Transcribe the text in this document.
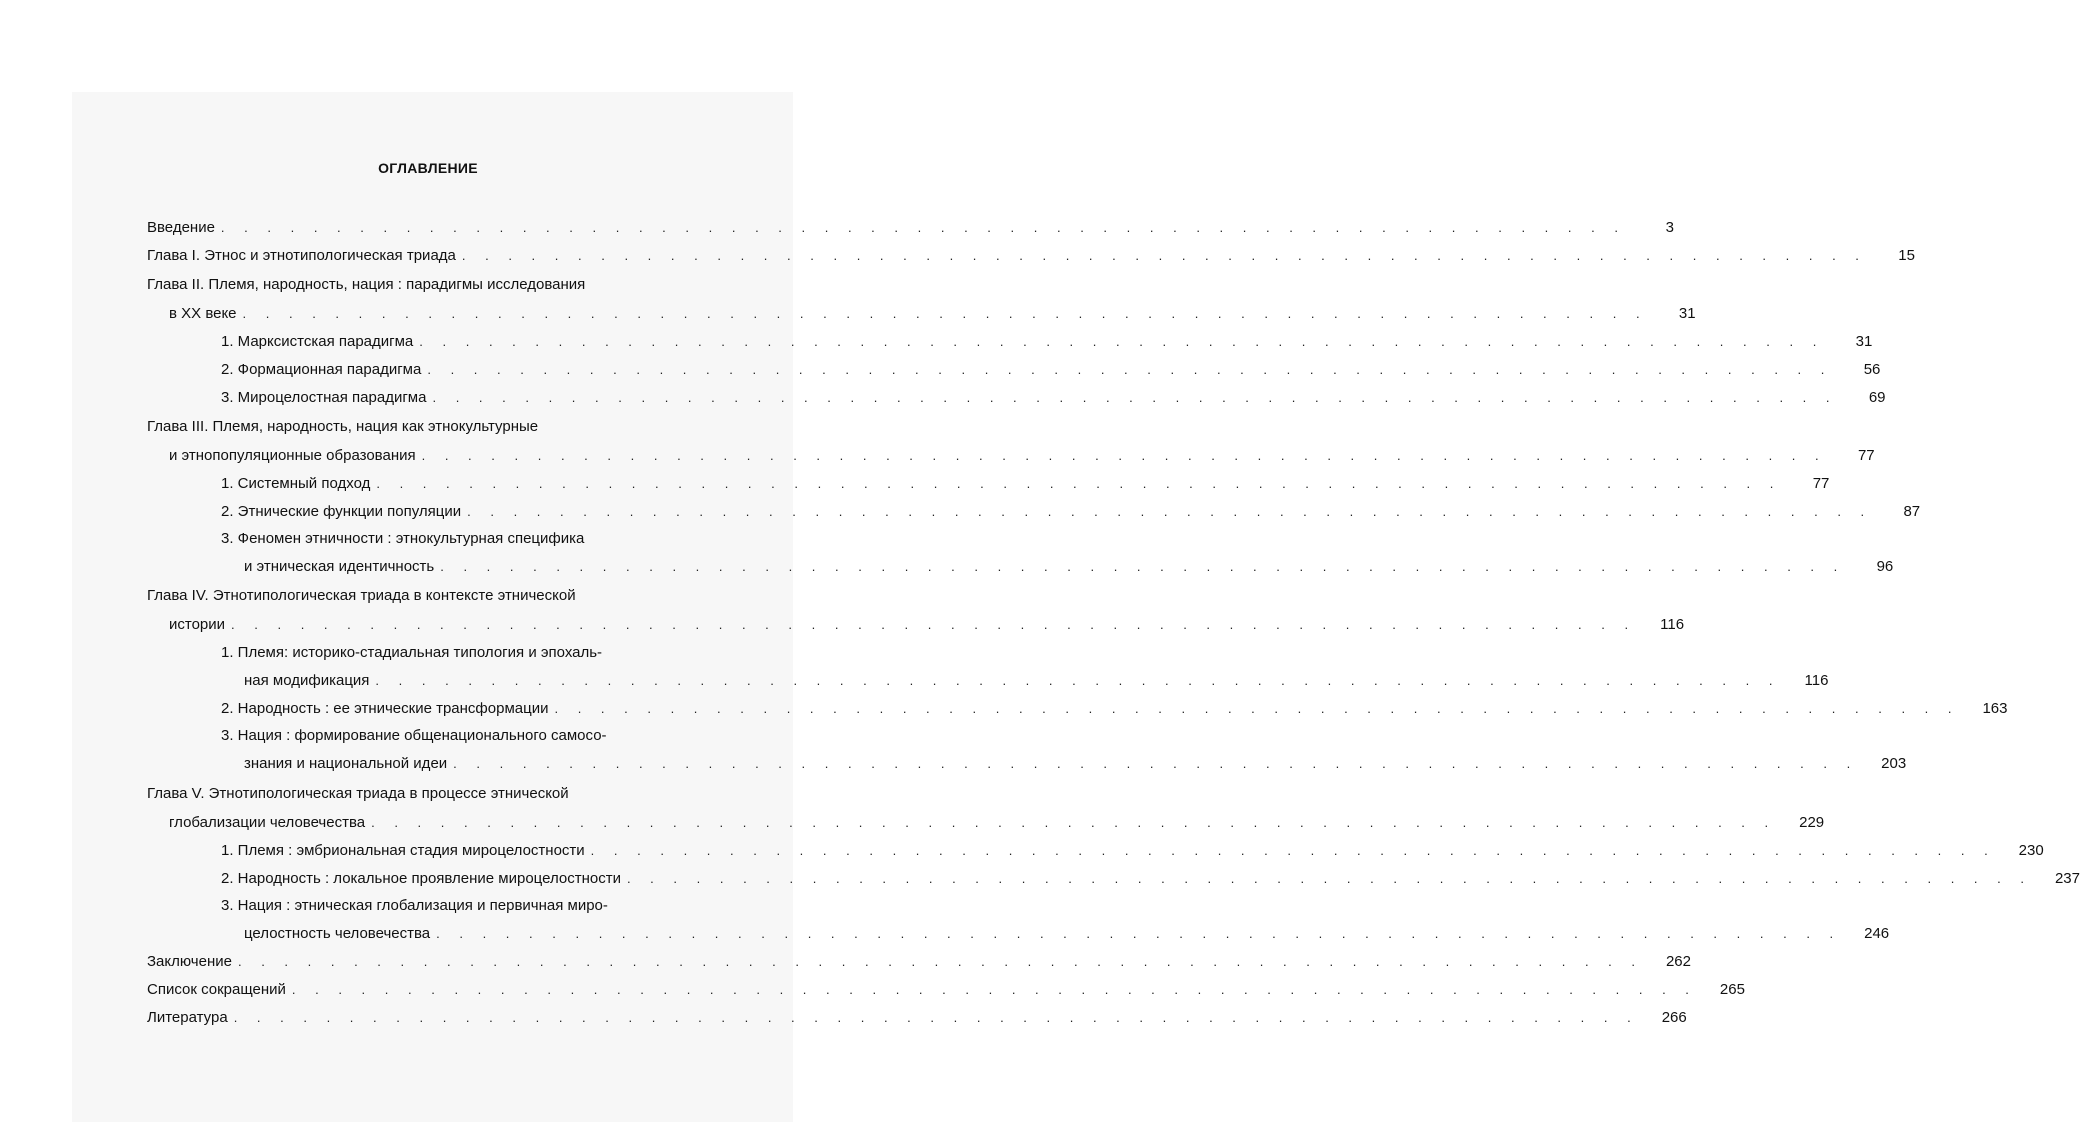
ОГЛАВЛЕНИЕ
Введение . . . . . . . . . . . . . . . . . . . . . . . . . . . . . . . . . . . . . . . . . . . . . . . . . . . . . . . . . . . . .	3
Глава I. Этнос и этнотипологическая триада . . . . . . . . . . . . . . . . . . . . . . . . . . . . . . . . . . . . . . . . . . . . . . . . . . . . . . . . . . . . .	15
Глава II. Племя, народность, нация : парадигмы исследования
в XX веке . . . . . . . . . . . . . . . . . . . . . . . . . . . . . . . . . . . . . . . . . . . . . . . . . . . . . . . . . . . . .	31
1. Марксистская парадигма . . . . . . . . . . . . . . . . . . . . . . . . . . . . . . . . . . . . . . . . . . . . . . . . . . . . . . . . . . . . .	31
2. Формационная парадигма . . . . . . . . . . . . . . . . . . . . . . . . . . . . . . . . . . . . . . . . . . . . . . . . . . . . . . . . . . . . .	56
3. Мироцелостная парадигма . . . . . . . . . . . . . . . . . . . . . . . . . . . . . . . . . . . . . . . . . . . . . . . . . . . . . . . . . . . . .	69
Глава III. Племя, народность, нация как этнокультурные
и этнопопуляционные образования . . . . . . . . . . . . . . . . . . . . . . . . . . . . . . . . . . . . . . . . . . . . . . . . . . . . . . . . . . . . .	77
1. Системный подход . . . . . . . . . . . . . . . . . . . . . . . . . . . . . . . . . . . . . . . . . . . . . . . . . . . . . . . . . . . . .	77
2. Этнические функции популяции . . . . . . . . . . . . . . . . . . . . . . . . . . . . . . . . . . . . . . . . . . . . . . . . . . . . . . . . . . . . .	87
3. Феномен этничности : этнокультурная специфика
и этническая идентичность . . . . . . . . . . . . . . . . . . . . . . . . . . . . . . . . . . . . . . . . . . . . . . . . . . . . . . . . . . . . .	96
Глава IV. Этнотипологическая триада в контексте этнической
истории . . . . . . . . . . . . . . . . . . . . . . . . . . . . . . . . . . . . . . . . . . . . . . . . . . . . . . . . . . . . .	116
1. Племя: историко-стадиальная типология и эпохаль-
ная модификация . . . . . . . . . . . . . . . . . . . . . . . . . . . . . . . . . . . . . . . . . . . . . . . . . . . . . . . . . . . . .	116
2. Народность : ее этнические трансформации . . . . . . . . . . . . . . . . . . . . . . . . . . . . . . . . . . . . . . . . . . . . . . . . . . . . . . . . . . . . .	163
3. Нация : формирование общенационального самосо-
знания и национальной идеи . . . . . . . . . . . . . . . . . . . . . . . . . . . . . . . . . . . . . . . . . . . . . . . . . . . . . . . . . . . . .	203
Глава V. Этнотипологическая триада в процессе этнической
глобализации человечества . . . . . . . . . . . . . . . . . . . . . . . . . . . . . . . . . . . . . . . . . . . . . . . . . . . . . . . . . . . . .	229
1. Племя : эмбриональная стадия мироцелостности . . . . . . . . . . . . . . . . . . . . . . . . . . . . . . . . . . . . . . . . . . . . . . . . . . . . . . . . . . . . .	230
2. Народность : локальное проявление мироцелостности . . . . . . . . . . . . . . . . . . . . . . . . . . . . . . . . . . . . . . . . . . . . . . . . . . . . . . . . . . . . .	237
3. Нация : этническая глобализация и первичная миро-
целостность человечества . . . . . . . . . . . . . . . . . . . . . . . . . . . . . . . . . . . . . . . . . . . . . . . . . . . . . . . . . . . . .	246
Заключение . . . . . . . . . . . . . . . . . . . . . . . . . . . . . . . . . . . . . . . . . . . . . . . . . . . . . . . . . . . . .	262
Список сокращений . . . . . . . . . . . . . . . . . . . . . . . . . . . . . . . . . . . . . . . . . . . . . . . . . . . . . . . . . . . . .	265
Литература . . . . . . . . . . . . . . . . . . . . . . . . . . . . . . . . . . . . . . . . . . . . . . . . . . . . . . . . . . . . .	266
